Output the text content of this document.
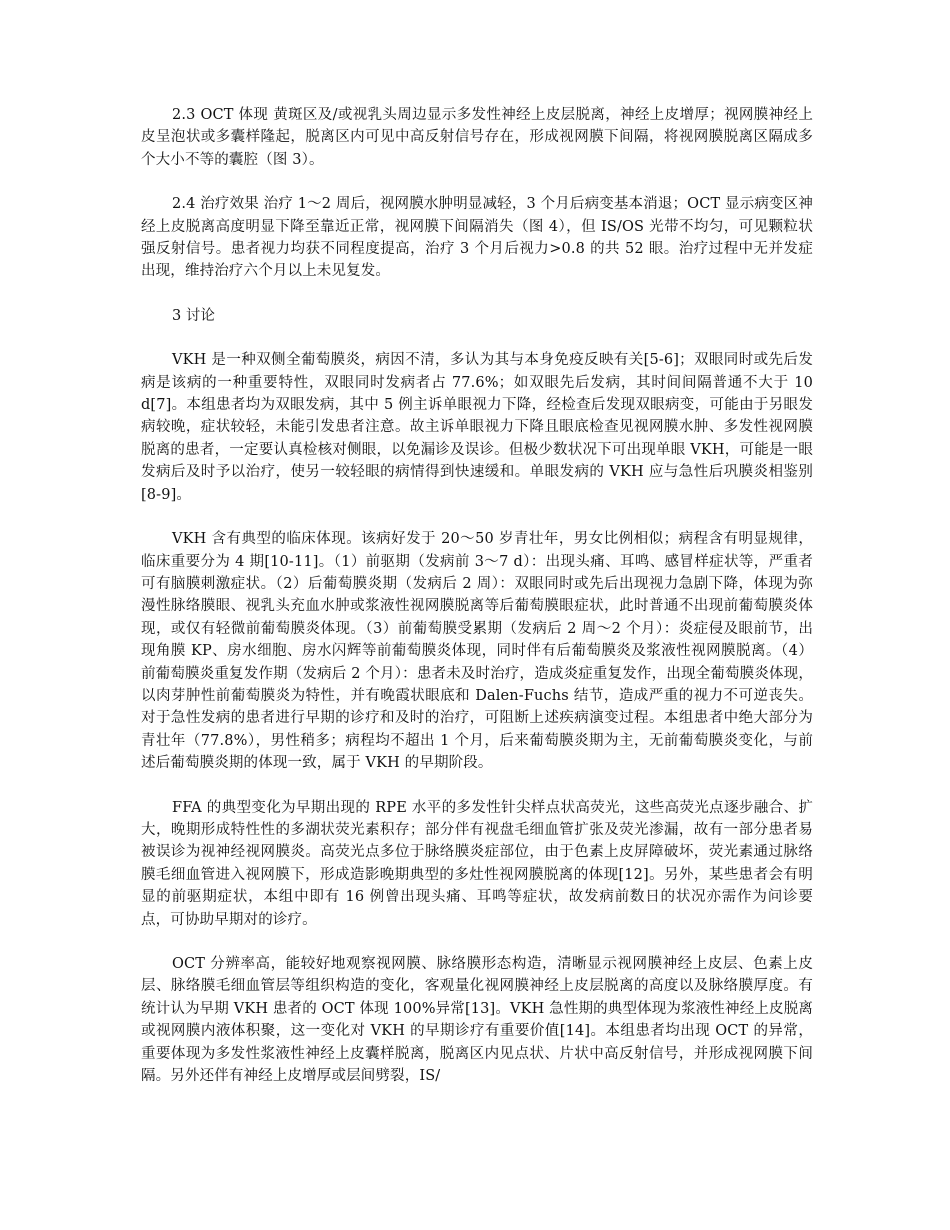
2.3 OCT 体现 黄斑区及/或视乳头周边显示多发性神经上皮层脱离，神经上皮增厚；视网膜神经上皮呈泡状或多囊样隆起，脱离区内可见中高反射信号存在，形成视网膜下间隔，将视网膜脱离区隔成多个大小不等的囊腔（图 3）。

2.4 治疗效果 治疗 1～2 周后，视网膜水肿明显减轻，3 个月后病变基本消退；OCT 显示病变区神经上皮脱离高度明显下降至靠近正常，视网膜下间隔消失（图 4），但 IS/OS 光带不均匀，可见颗粒状强反射信号。患者视力均获不同程度提高，治疗 3 个月后视力>0.8 的共 52 眼。治疗过程中无并发症出现，维持治疗六个月以上未见复发。

3 讨论

VKH 是一种双侧全葡萄膜炎，病因不清，多认为其与本身免疫反映有关[5-6]；双眼同时或先后发病是该病的一种重要特性，双眼同时发病者占 77.6%；如双眼先后发病，其时间间隔普通不大于 10 d[7]。本组患者均为双眼发病，其中 5 例主诉单眼视力下降，经检查后发现双眼病变，可能由于另眼发病较晚，症状较轻，未能引发患者注意。故主诉单眼视力下降且眼底检查见视网膜水肿、多发性视网膜脱离的患者，一定要认真检核对侧眼，以免漏诊及误诊。但极少数状况下可出现单眼 VKH，可能是一眼发病后及时予以治疗，使另一较轻眼的病情得到快速缓和。单眼发病的 VKH 应与急性后巩膜炎相鉴别[8-9]。

VKH 含有典型的临床体现。该病好发于 20～50 岁青壮年，男女比例相似；病程含有明显规律，临床重要分为 4 期[10-11]。（1）前驱期（发病前 3～7 d）：出现头痛、耳鸣、感冒样症状等，严重者可有脑膜刺激症状。（2）后葡萄膜炎期（发病后 2 周）：双眼同时或先后出现视力急剧下降，体现为弥漫性脉络膜眼、视乳头充血水肿或浆液性视网膜脱离等后葡萄膜眼症状，此时普通不出现前葡萄膜炎体现，或仅有轻微前葡萄膜炎体现。（3）前葡萄膜受累期（发病后 2 周～2 个月）：炎症侵及眼前节，出现角膜 KP、房水细胞、房水闪辉等前葡萄膜炎体现，同时伴有后葡萄膜炎及浆液性视网膜脱离。（4）前葡萄膜炎重复发作期（发病后 2 个月）：患者未及时治疗，造成炎症重复发作，出现全葡萄膜炎体现，以肉芽肿性前葡萄膜炎为特性，并有晚霞状眼底和 Dalen-Fuchs 结节，造成严重的视力不可逆丧失。对于急性发病的患者进行早期的诊疗和及时的治疗，可阻断上述疾病演变过程。本组患者中绝大部分为青壮年（77.8%），男性稍多；病程均不超出 1 个月，后来葡萄膜炎期为主，无前葡萄膜炎变化，与前述后葡萄膜炎期的体现一致，属于 VKH 的早期阶段。

FFA 的典型变化为早期出现的 RPE 水平的多发性针尖样点状高荧光，这些高荧光点逐步融合、扩大，晚期形成特性性的多湖状荧光素积存；部分伴有视盘毛细血管扩张及荧光渗漏，故有一部分患者易被误诊为视神经视网膜炎。高荧光点多位于脉络膜炎症部位，由于色素上皮屏障破坏，荧光素通过脉络膜毛细血管进入视网膜下，形成造影晚期典型的多灶性视网膜脱离的体现[12]。另外，某些患者会有明显的前驱期症状，本组中即有 16 例曾出现头痛、耳鸣等症状，故发病前数日的状况亦需作为问诊要点，可协助早期对的诊疗。

OCT 分辨率高，能较好地观察视网膜、脉络膜形态构造，清晰显示视网膜神经上皮层、色素上皮层、脉络膜毛细血管层等组织构造的变化，客观量化视网膜神经上皮层脱离的高度以及脉络膜厚度。有统计认为早期 VKH 患者的 OCT 体现 100%异常[13]。VKH 急性期的典型体现为浆液性神经上皮脱离或视网膜内液体积聚，这一变化对 VKH 的早期诊疗有重要价值[14]。本组患者均出现 OCT 的异常，重要体现为多发性浆液性神经上皮囊样脱离，脱离区内见点状、片状中高反射信号，并形成视网膜下间隔。另外还伴有神经上皮增厚或层间劈裂，IS/
